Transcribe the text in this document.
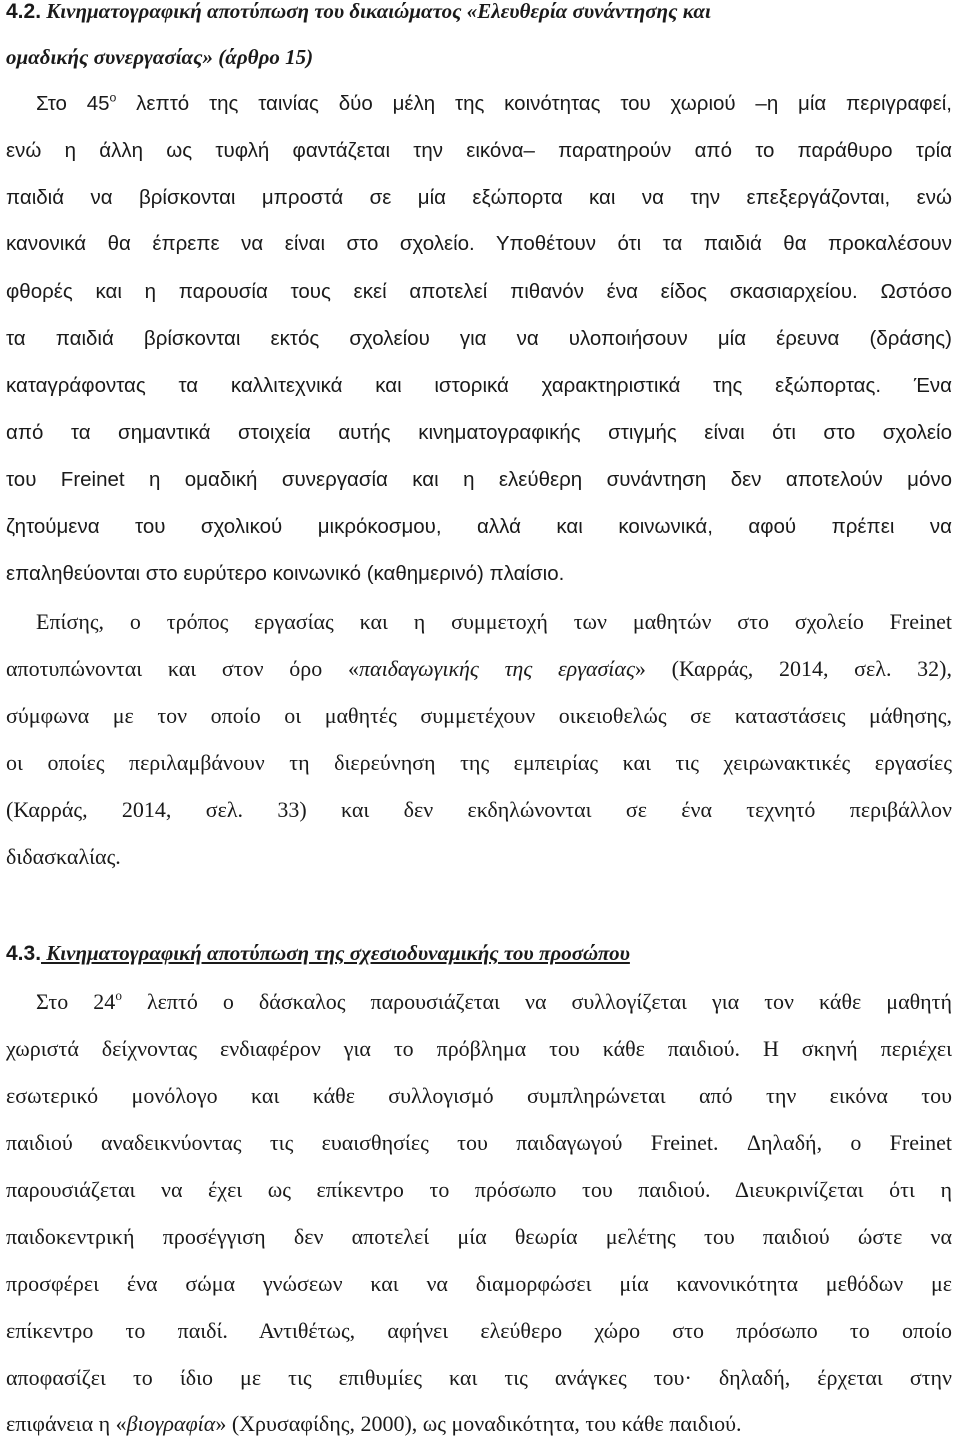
4.2. Κινηματογραφική αποτύπωση του δικαιώματος «Ελευθερία συνάντησης και
ομαδικής συνεργασίας» (άρθρο 15)
Στο $45^o$ λεπτό της ταινίας δύο μέλη της κοινότητας του χωριού –η μία περιγραφεί,
ενώ η άλλη ως τυφλή φαντάζεται την εικόνα– παρατηρούν από το παράθυρο τρία
παιδιά να βρίσκονται μπροστά σε μία εξώπορτα και να την επεξεργάζονται, ενώ
κανονικά θα έπρεπε να είναι στο σχολείο. Υποθέτουν ότι τα παιδιά θα προκαλέσουν
φθορές και η παρουσία τους εκεί αποτελεί πιθανόν ένα είδος σκασιαρχείου. Ωστόσο
τα παιδιά βρίσκονται εκτός σχολείου για να υλοποιήσουν μία έρευνα (δράσης)
καταγράφοντας τα καλλιτεχνικά και ιστορικά χαρακτηριστικά της εξώπορτας. Ένα
από τα σημαντικά στοιχεία αυτής κινηματογραφικής στιγμής είναι ότι στο σχολείο
του Freinet η ομαδική συνεργασία και η ελεύθερη συνάντηση δεν αποτελούν μόνο
ζητούμενα του σχολικού μικρόκοσμου, αλλά και κοινωνικά, αφού πρέπει να
επαληθεύονται στο ευρύτερο κοινωνικό (καθημερινό) πλαίσιο.
Επίσης, ο τρόπος εργασίας και η συμμετοχή των μαθητών στο σχολείο Freinet
αποτυπώνονται και στον όρο «παιδαγωγικής της εργασίας» (Καρράς, 2014, σελ. 32),
σύμφωνα με τον οποίο οι μαθητές συμμετέχουν οικειοθελώς σε καταστάσεις μάθησης,
οι οποίες περιλαμβάνουν τη διερεύνηση της εμπειρίας και τις χειρωνακτικές εργασίες
(Καρράς, 2014, σελ. 33) και δεν εκδηλώνονται σε ένα τεχνητό περιβάλλον
διδασκαλίας.
4.3. Κινηματογραφική αποτύπωση της σχεσιοδυναμικής του προσώπου
Στο $24^o$ λεπτό ο δάσκαλος παρουσιάζεται να συλλογίζεται για τον κάθε μαθητή
χωριστά δείχνοντας ενδιαφέρον για το πρόβλημα του κάθε παιδιού. Η σκηνή περιέχει
εσωτερικό μονόλογο και κάθε συλλογισμό συμπληρώνεται από την εικόνα του
παιδιού αναδεικνύοντας τις ευαισθησίες του παιδαγωγού Freinet. Δηλαδή, ο Freinet
παρουσιάζεται να έχει ως επίκεντρο το πρόσωπο του παιδιού. Διευκρινίζεται ότι η
παιδοκεντρική προσέγγιση δεν αποτελεί μία θεωρία μελέτης του παιδιού ώστε να
προσφέρει ένα σώμα γνώσεων και να διαμορφώσει μία κανονικότητα μεθόδων με
επίκεντρο το παιδί. Αντιθέτως, αφήνει ελεύθερο χώρο στο πρόσωπο το οποίο
αποφασίζει το ίδιο με τις επιθυμίες και τις ανάγκες του· δηλαδή, έρχεται στην
επιφάνεια η «βιογραφία» (Χρυσαφίδης, 2000), ως μοναδικότητα, του κάθε παιδιού.
